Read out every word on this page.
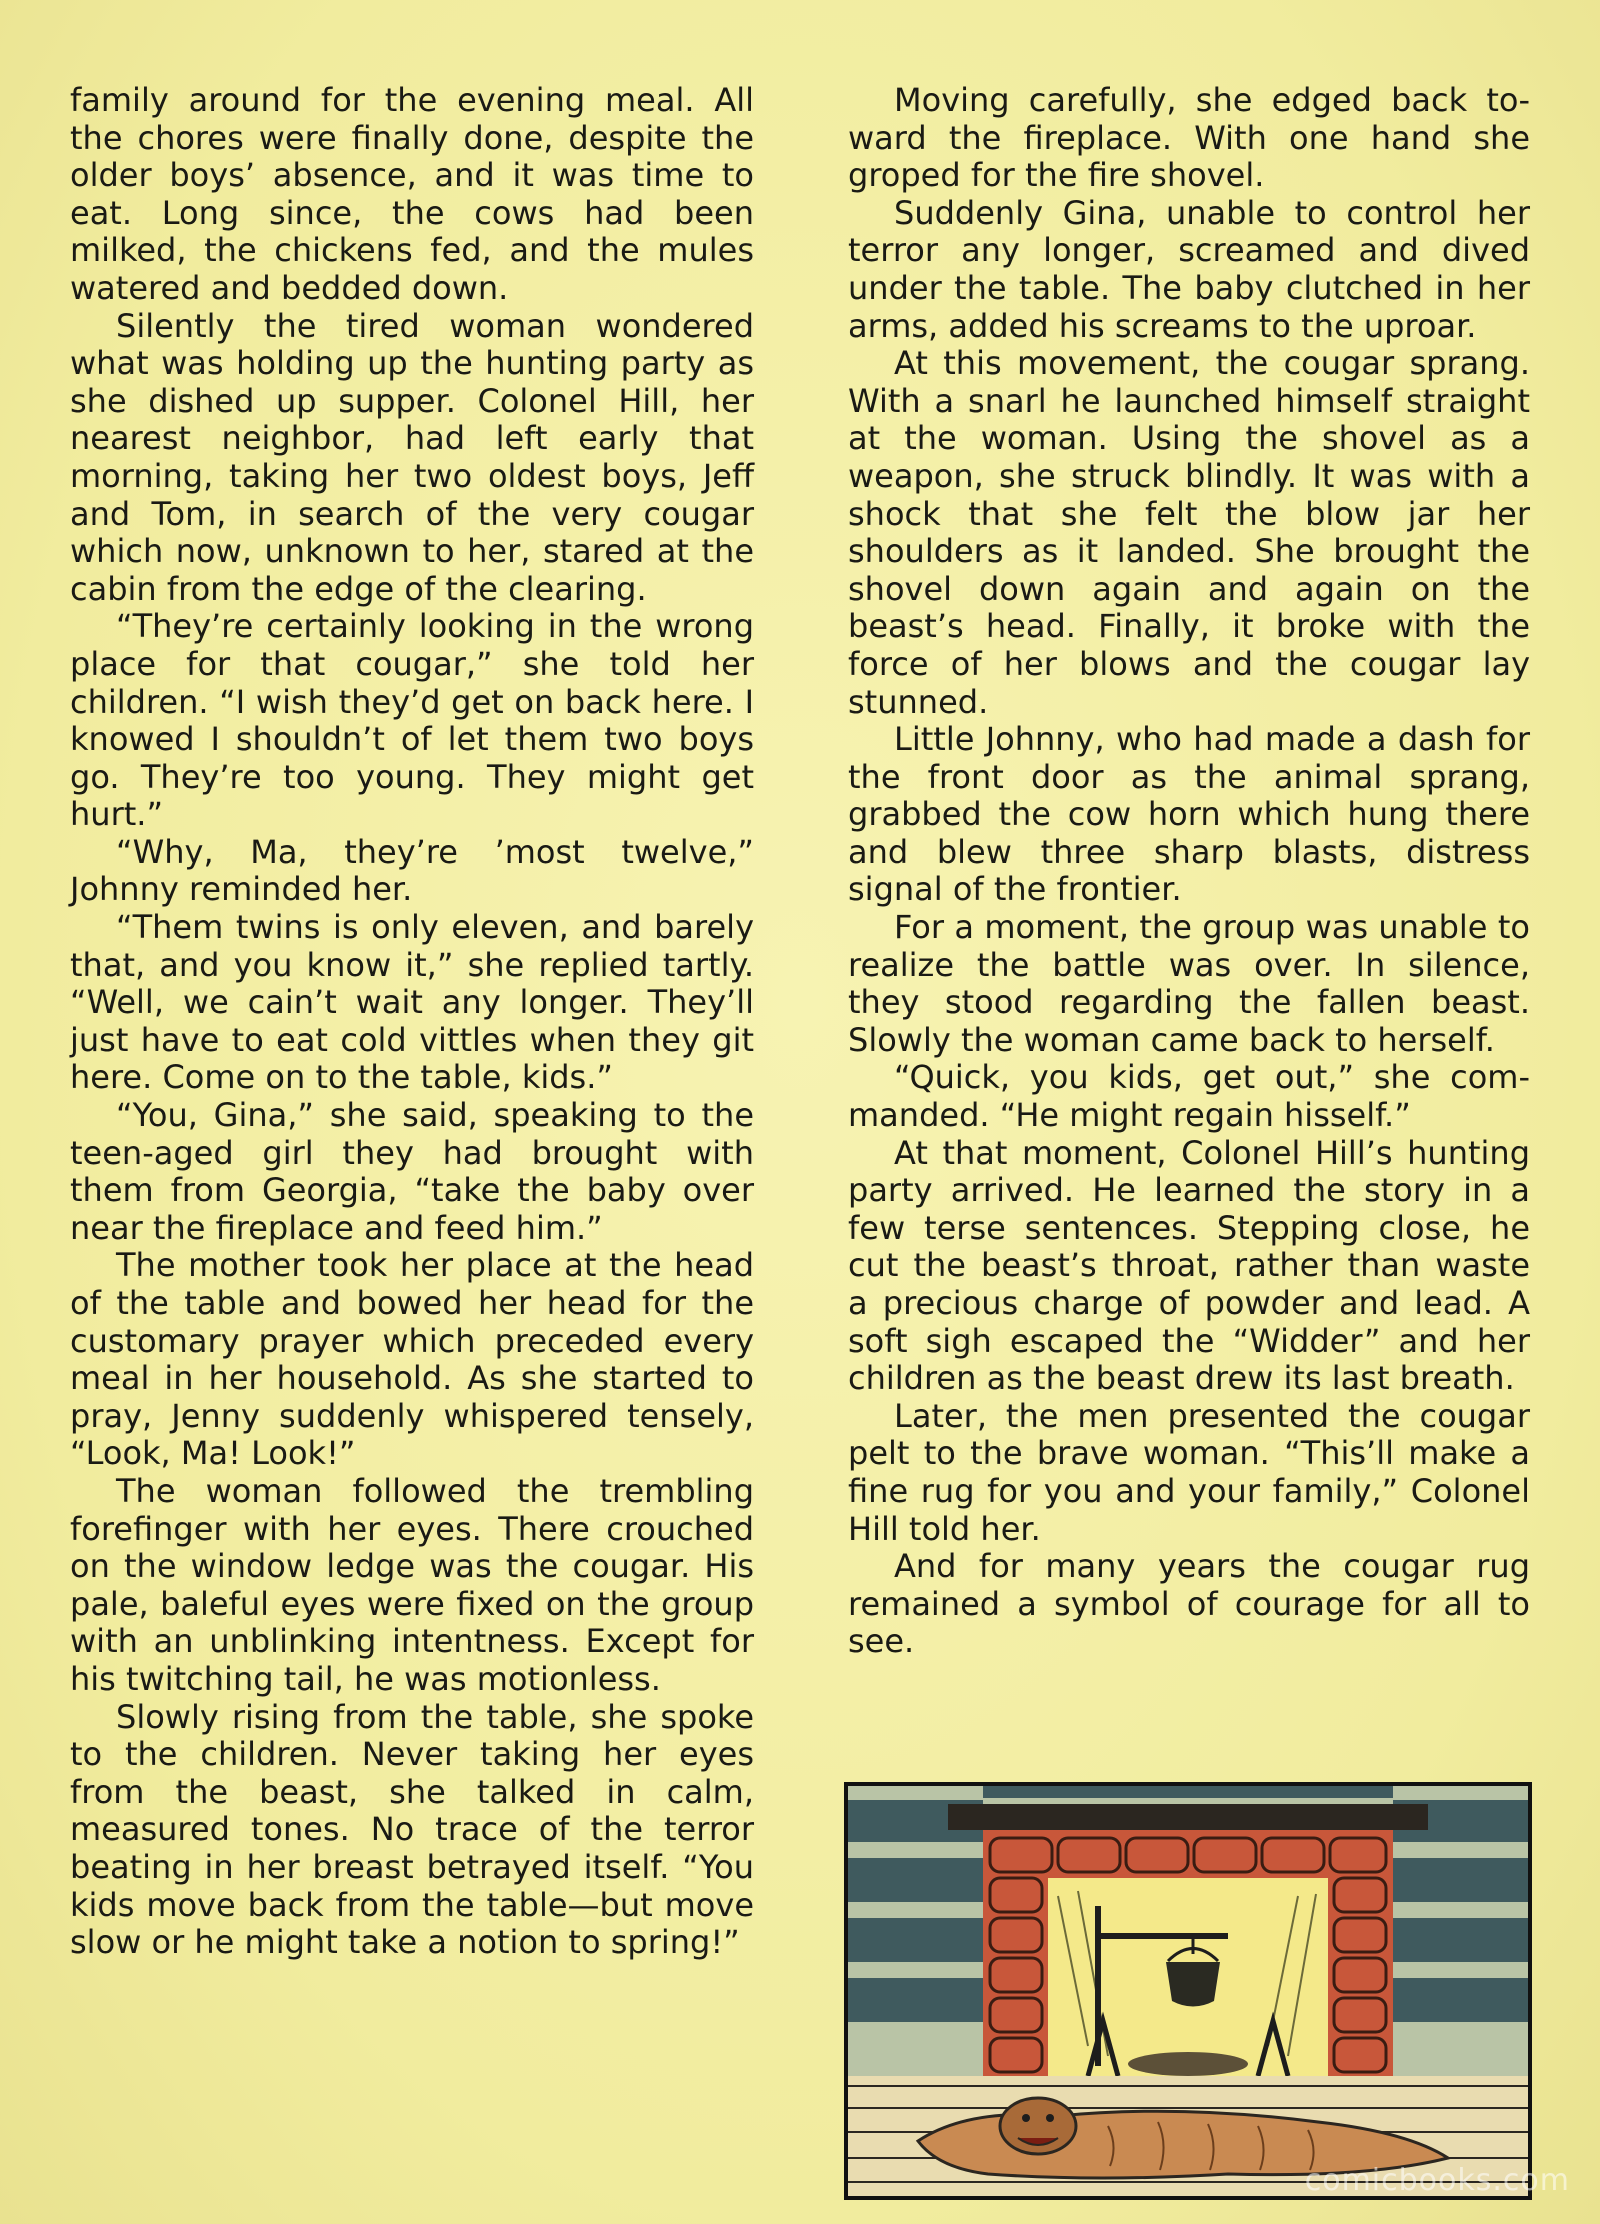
family around for the evening meal. All the chores were finally done, despite the older boys’ absence, and it was time to eat. Long since, the cows had been milked, the chickens fed, and the mules watered and bedded down.

Silently the tired woman wondered what was holding up the hunting party as she dished up supper. Colonel Hill, her nearest neighbor, had left early that morning, taking her two oldest boys, Jeff and Tom, in search of the very cougar which now, unknown to her, stared at the cabin from the edge of the clearing.

“They’re certainly looking in the wrong place for that cougar,” she told her children. “I wish they’d get on back here. I knowed I shouldn’t of let them two boys go. They’re too young. They might get hurt.”

“Why, Ma, they’re ’most twelve,” Johnny reminded her.

“Them twins is only eleven, and barely that, and you know it,” she replied tartly. “Well, we cain’t wait any longer. They’ll just have to eat cold vittles when they git here. Come on to the table, kids.”

“You, Gina,” she said, speaking to the teen-aged girl they had brought with them from Georgia, “take the baby over near the fireplace and feed him.”

The mother took her place at the head of the table and bowed her head for the customary prayer which preceded every meal in her household. As she started to pray, Jenny suddenly whispered tensely, “Look, Ma! Look!”

The woman followed the trembling forefinger with her eyes. There crouched on the window ledge was the cougar. His pale, baleful eyes were fixed on the group with an unblinking intentness. Except for his twitching tail, he was motionless.

Slowly rising from the table, she spoke to the children. Never taking her eyes from the beast, she talked in calm, measured tones. No trace of the terror beating in her breast betrayed itself. “You kids move back from the table—but move slow or he might take a notion to spring!”

Moving carefully, she edged back toward the fireplace. With one hand she groped for the fire shovel.

Suddenly Gina, unable to control her terror any longer, screamed and dived under the table. The baby clutched in her arms, added his screams to the uproar.

At this movement, the cougar sprang. With a snarl he launched himself straight at the woman. Using the shovel as a weapon, she struck blindly. It was with a shock that she felt the blow jar her shoulders as it landed. She brought the shovel down again and again on the beast’s head. Finally, it broke with the force of her blows and the cougar lay stunned.

Little Johnny, who had made a dash for the front door as the animal sprang, grabbed the cow horn which hung there and blew three sharp blasts, distress signal of the frontier.

For a moment, the group was unable to realize the battle was over. In silence, they stood regarding the fallen beast. Slowly the woman came back to herself.

“Quick, you kids, get out,” she commanded. “He might regain hisself.”

At that moment, Colonel Hill’s hunting party arrived. He learned the story in a few terse sentences. Stepping close, he cut the beast’s throat, rather than waste a precious charge of powder and lead. A soft sigh escaped the “Widder” and her children as the beast drew its last breath.

Later, the men presented the cougar pelt to the brave woman. “This’ll make a fine rug for you and your family,” Colonel Hill told her.

And for many years the cougar rug remained a symbol of courage for all to see.

comicbooks.com
